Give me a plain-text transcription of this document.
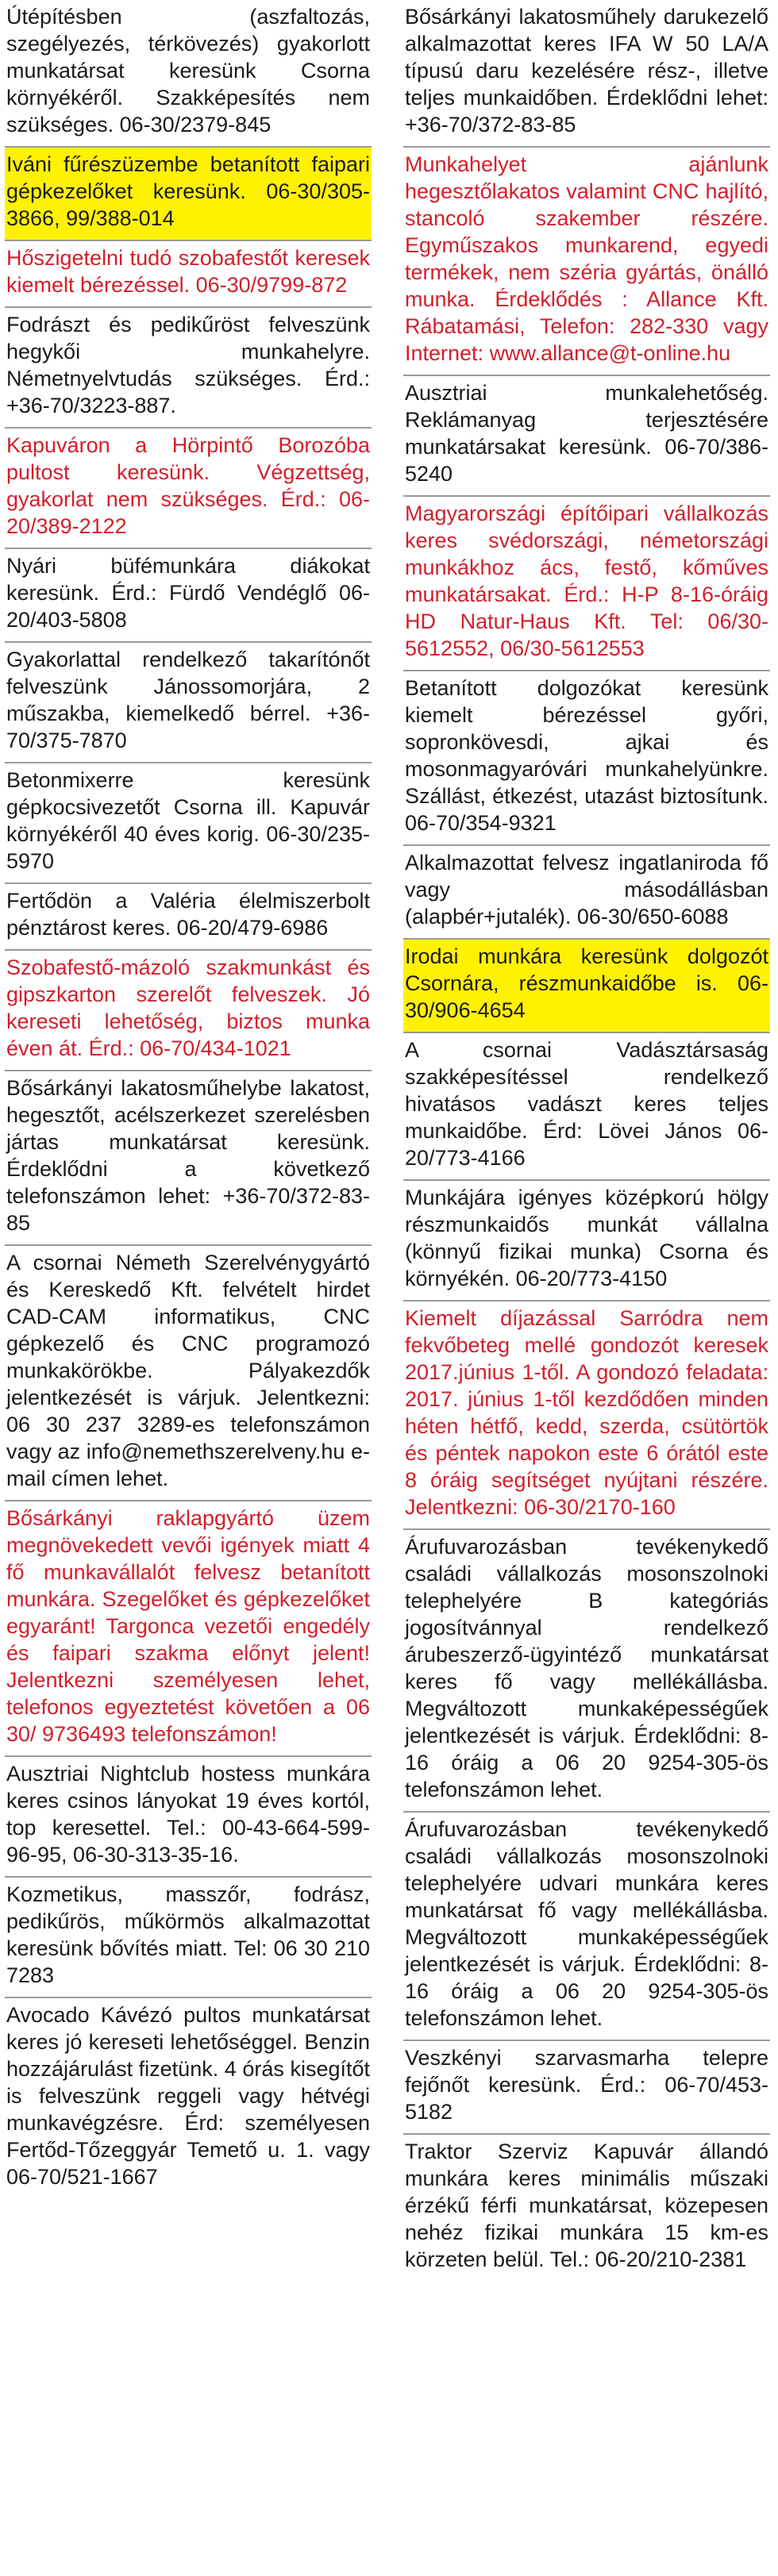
Útépítésben (aszfaltozás, szegélyezés, térkövezés) gyakorlott munkatársat keresünk Csorna környékéről. Szakképesítés nem szükséges. 06-30/2379-845
Iváni fűrészüzembe betanított faipari gépkezelőket keresünk. 06-30/305-3866, 99/388-014
Hőszigetelni tudó szobafestőt keresek kiemelt bérezéssel. 06-30/9799-872
Fodrászt és pedikűröst felveszünk hegykői munkahelyre. Németnyelvtudás szükséges. Érd.: +36-70/3223-887.
Kapuváron a Hörpintő Borozóba pultost keresünk. Végzettség, gyakorlat nem szükséges. Érd.: 06-20/389-2122
Nyári büfémunkára diákokat keresünk. Érd.: Fürdő Vendéglő 06-20/403-5808
Gyakorlattal rendelkező takarítónőt felveszünk Jánossomorjára, 2 műszakba, kiemelkedő bérrel. +36-70/375-7870
Betonmixerre keresünk gépkocsivezetőt Csorna ill. Kapuvár környékéről 40 éves korig. 06-30/235-5970
Fertődön a Valéria élelmiszerbolt pénztárost keres. 06-20/479-6986
Szobafestő-mázoló szakmunkást és gipszkarton szerelőt felveszek. Jó kereseti lehetőség, biztos munka éven át. Érd.: 06-70/434-1021
Bősárkányi lakatosműhelybe lakatost, hegesztőt, acélszerkezet szerelésben jártas munkatársat keresünk. Érdeklődni a következő telefonszámon lehet: +36-70/372-83-85
A csornai Németh Szerelvénygyártó és Kereskedő Kft. felvételt hirdet CAD-CAM informatikus, CNC gépkezelő és CNC programozó munkakörökbe. Pályakezdők jelentkezését is várjuk. Jelentkezni: 06 30 237 3289-es telefonszámon vagy az info@nemethszerelveny.hu e-mail címen lehet.
Bősárkányi raklapgyártó üzem megnövekedett vevői igények miatt 4 fő munkavállalót felvesz betanított munkára. Szegelőket és gépkezelőket egyaránt! Targonca vezetői engedély és faipari szakma előnyt jelent! Jelentkezni személyesen lehet, telefonos egyeztetést követően a 06 30/ 9736493 telefonszámon!
Ausztriai Nightclub hostess munkára keres csinos lányokat 19 éves kortól, top keresettel. Tel.: 00-43-664-599-96-95, 06-30-313-35-16.
Kozmetikus, masszőr, fodrász, pedikűrös, műkörmös alkalmazottat keresünk bővítés miatt. Tel: 06 30 210 7283
Avocado Kávézó pultos munkatársat keres jó kereseti lehetőséggel. Benzin hozzájárulást fizetünk. 4 órás kisegítőt is felveszünk reggeli vagy hétvégi munkavégzésre. Érd: személyesen Fertőd-Tőzeggyár Temető u. 1. vagy 06-70/521-1667
Bősárkányi lakatosműhely darukezelő alkalmazottat keres IFA W 50 LA/A típusú daru kezelésére rész-, illetve teljes munkaidőben. Érdeklődni lehet: +36-70/372-83-85
Munkahelyet ajánlunk hegesztőlakatos valamint CNC hajlító, stancoló szakember részére. Egyműszakos munkarend, egyedi termékek, nem széria gyártás, önálló munka. Érdeklődés : Allance Kft. Rábatamási, Telefon: 282-330 vagy Internet: www.allance@t-online.hu
Ausztriai munkalehetőség. Reklámanyag terjesztésére munkatársakat keresünk. 06-70/386-5240
Magyarországi építőipari vállalkozás keres svédországi, németországi munkákhoz ács, festő, kőműves munkatársakat. Érd.: H-P 8-16-óráig HD Natur-Haus Kft. Tel: 06/30-5612552, 06/30-5612553
Betanított dolgozókat keresünk kiemelt bérezéssel győri, sopronkövesdi, ajkai és mosonmagyaróvári munkahelyünkre. Szállást, étkezést, utazást biztosítunk. 06-70/354-9321
Alkalmazottat felvesz ingatlaniroda fő vagy másodállásban (alapbér+jutalék). 06-30/650-6088
Irodai munkára keresünk dolgozót Csornára, részmunkaidőbe is. 06-30/906-4654
A csornai Vadásztársaság szakképesítéssel rendelkező hivatásos vadászt keres teljes munkaidőbe. Érd: Lövei János 06-20/773-4166
Munkájára igényes középkorú hölgy részmunkaidős munkát vállalna (könnyű fizikai munka) Csorna és környékén. 06-20/773-4150
Kiemelt díjazással Sarródra nem fekvőbeteg mellé gondozót keresek 2017.június 1-től. A gondozó feladata: 2017. június 1-től kezdődően minden héten hétfő, kedd, szerda, csütörtök és péntek napokon este 6 órától este 8 óráig segítséget nyújtani részére. Jelentkezni: 06-30/2170-160
Árufuvarozásban tevékenykedő családi vállalkozás mosonszolnoki telephelyére B kategóriás jogosítvánnyal rendelkező árubeszerző-ügyintéző munkatársat keres fő vagy mellékállásba. Megváltozott munkaképességűek jelentkezését is várjuk. Érdeklődni: 8-16 óráig a 06 20 9254-305-ös telefonszámon lehet.
Árufuvarozásban tevékenykedő családi vállalkozás mosonszolnoki telephelyére udvari munkára keres munkatársat fő vagy mellékállásba. Megváltozott munkaképességűek jelentkezését is várjuk. Érdeklődni: 8-16 óráig a 06 20 9254-305-ös telefonszámon lehet.
Veszkényi szarvasmarha telepre fejőnőt keresünk. Érd.: 06-70/453-5182
Traktor Szerviz Kapuvár állandó munkára keres minimális műszaki érzékű férfi munkatársat, közepesen nehéz fizikai munkára 15 km-es körzeten belül. Tel.: 06-20/210-2381
